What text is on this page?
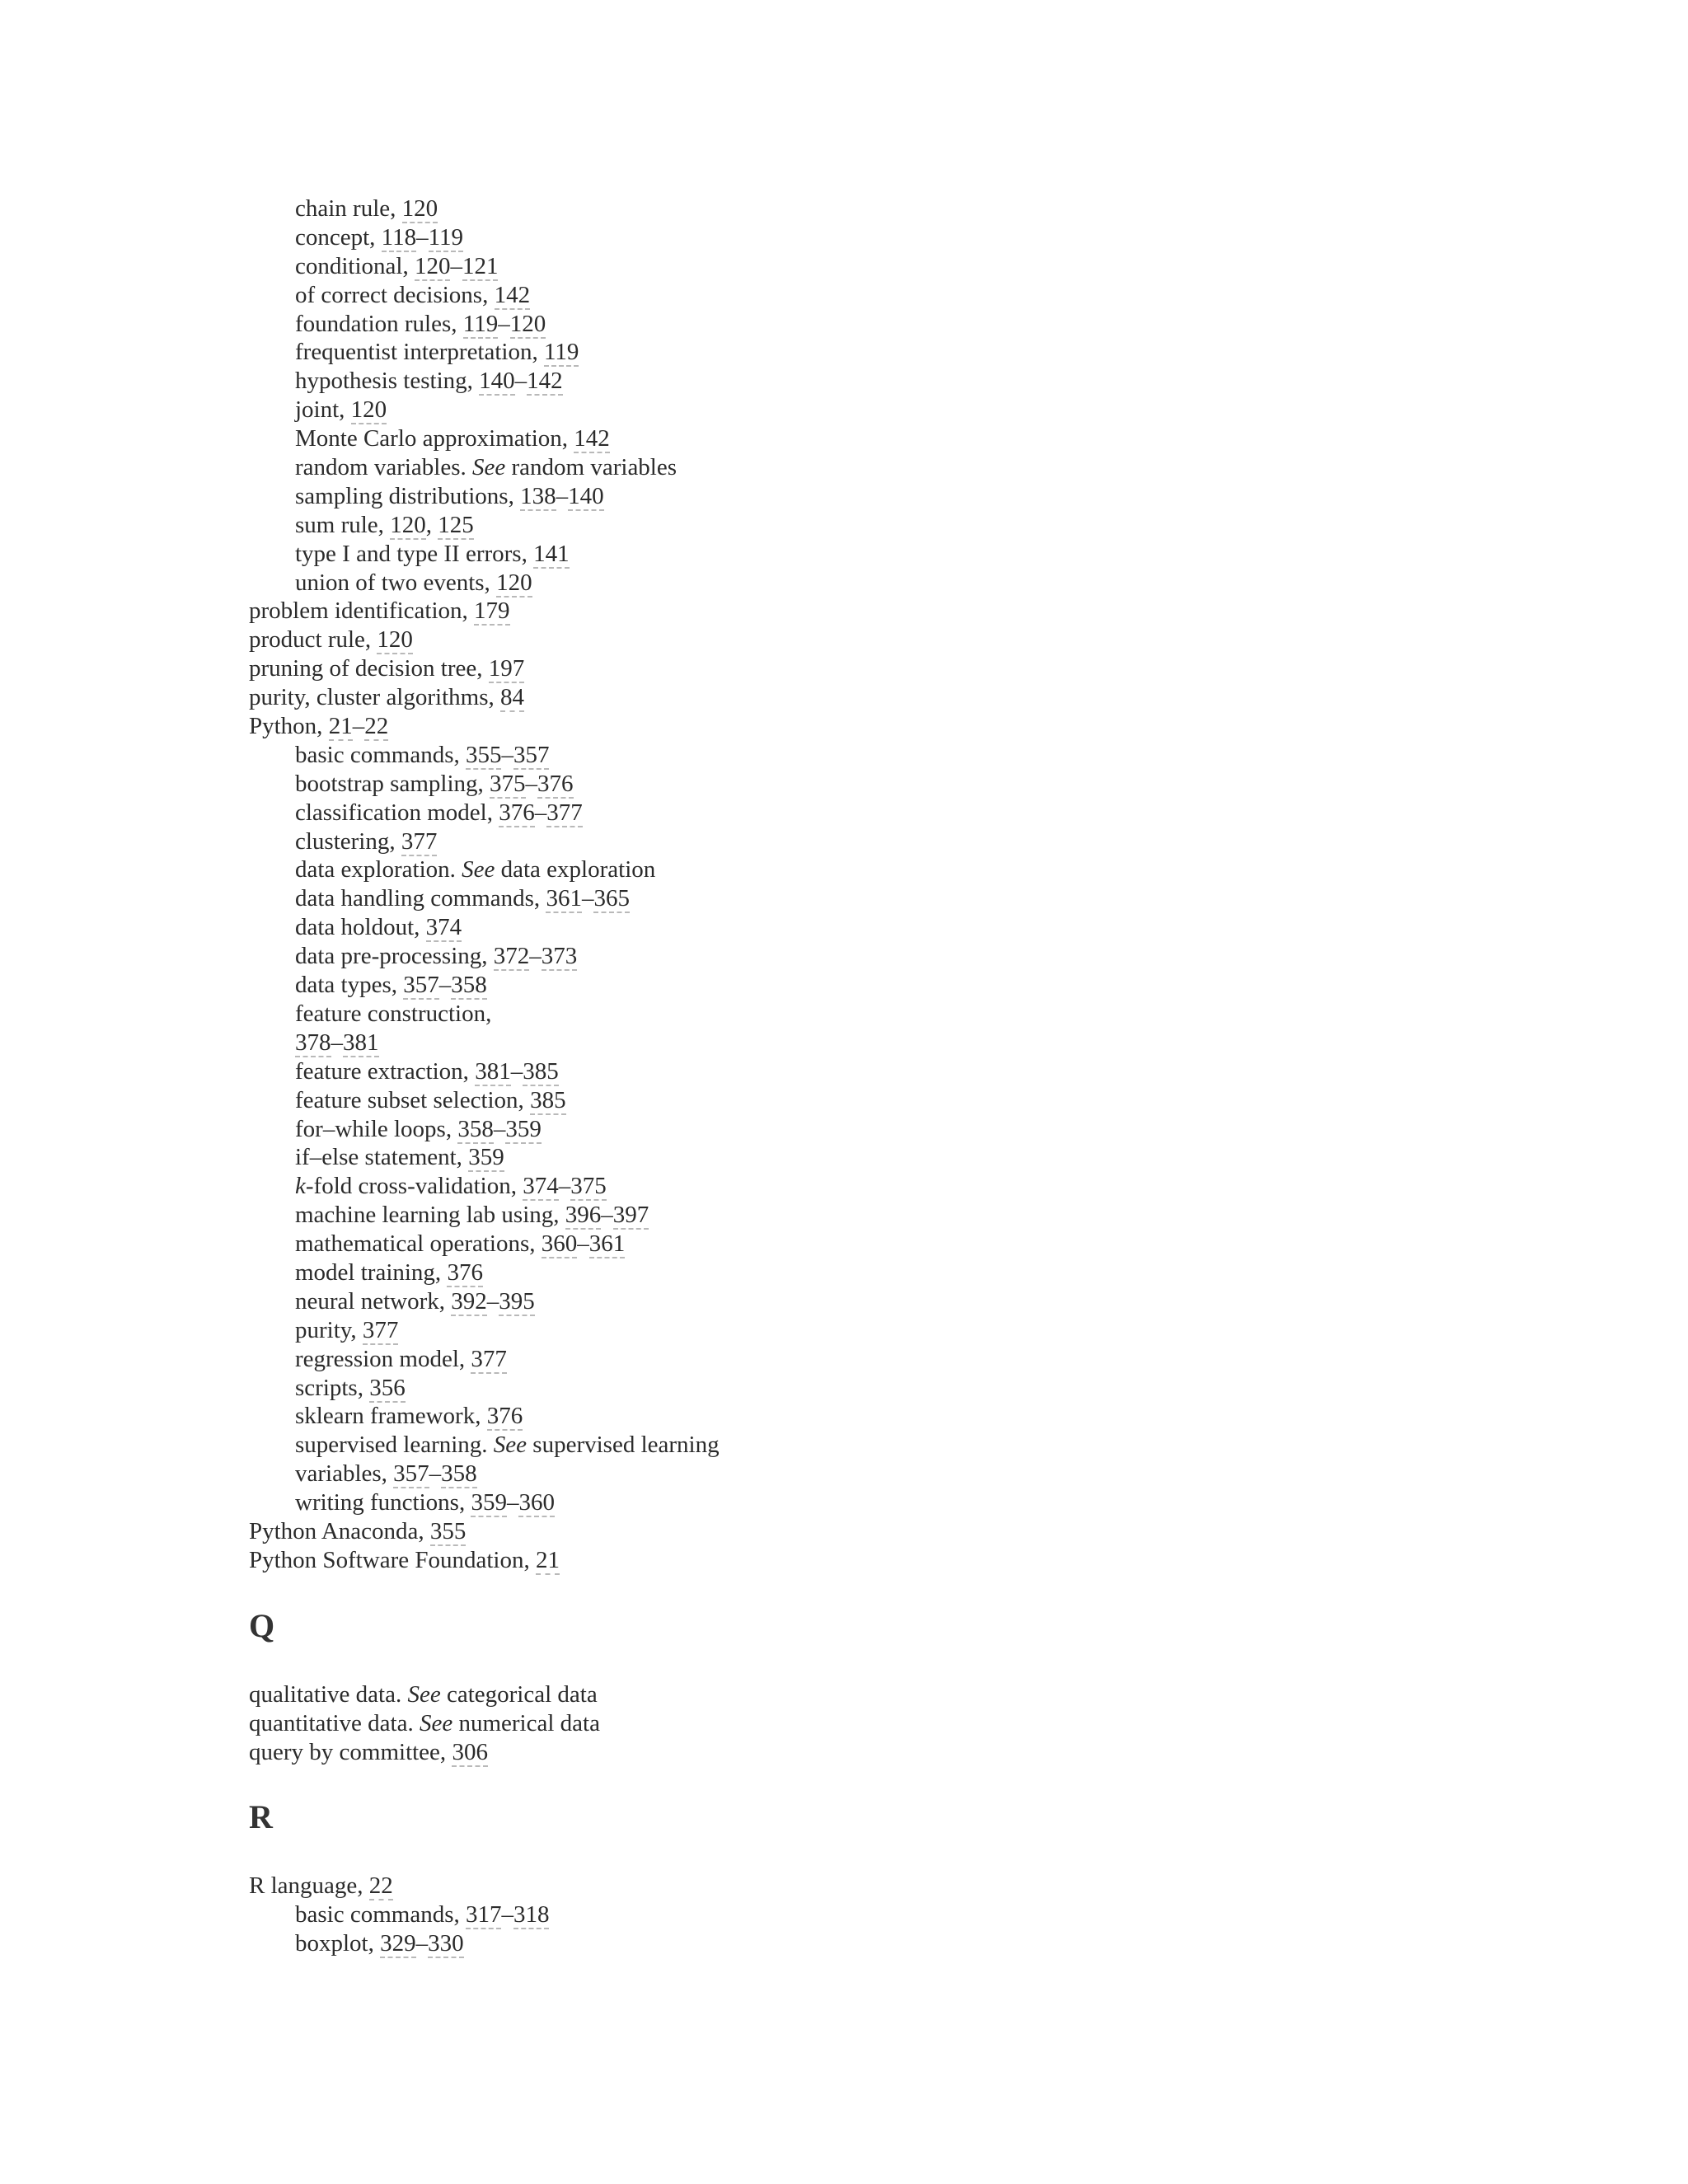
chain rule, 120
concept, 118–119
conditional, 120–121
of correct decisions, 142
foundation rules, 119–120
frequentist interpretation, 119
hypothesis testing, 140–142
joint, 120
Monte Carlo approximation, 142
random variables. See random variables
sampling distributions, 138–140
sum rule, 120, 125
type I and type II errors, 141
union of two events, 120
problem identification, 179
product rule, 120
pruning of decision tree, 197
purity, cluster algorithms, 84
Python, 21–22
basic commands, 355–357
bootstrap sampling, 375–376
classification model, 376–377
clustering, 377
data exploration. See data exploration
data handling commands, 361–365
data holdout, 374
data pre-processing, 372–373
data types, 357–358
feature construction,
378–381
feature extraction, 381–385
feature subset selection, 385
for–while loops, 358–359
if–else statement, 359
k-fold cross-validation, 374–375
machine learning lab using, 396–397
mathematical operations, 360–361
model training, 376
neural network, 392–395
purity, 377
regression model, 377
scripts, 356
sklearn framework, 376
supervised learning. See supervised learning
variables, 357–358
writing functions, 359–360
Python Anaconda, 355
Python Software Foundation, 21
Q
qualitative data. See categorical data
quantitative data. See numerical data
query by committee, 306
R
R language, 22
basic commands, 317–318
boxplot, 329–330
